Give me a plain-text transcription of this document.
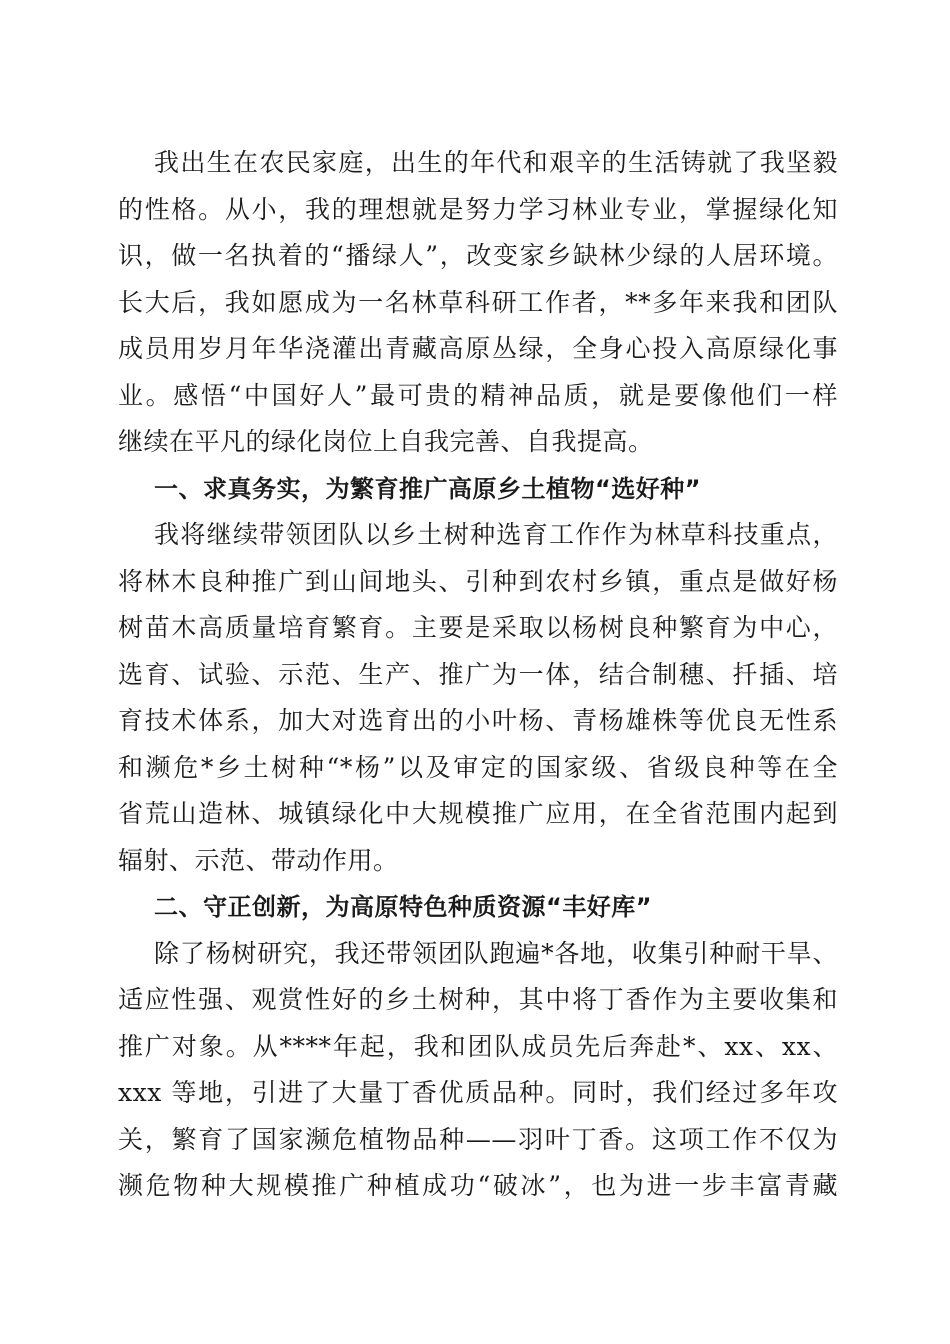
我出生在农民家庭，出生的年代和艰辛的生活铸就了我坚毅
的性格。从小，我的理想就是努力学习林业专业，掌握绿化知
识，做一名执着的“播绿人”，改变家乡缺林少绿的人居环境。
长大后，我如愿成为一名林草科研工作者，**多年来我和团队
成员用岁月年华浇灌出青藏高原丛绿，全身心投入高原绿化事
业。感悟“中国好人”最可贵的精神品质，就是要像他们一样
继续在平凡的绿化岗位上自我完善、自我提高。
一、求真务实，为繁育推广高原乡土植物“选好种”
我将继续带领团队以乡土树种选育工作作为林草科技重点，
将林木良种推广到山间地头、引种到农村乡镇，重点是做好杨
树苗木高质量培育繁育。主要是采取以杨树良种繁育为中心，
选育、试验、示范、生产、推广为一体，结合制穗、扦插、培
育技术体系，加大对选育出的小叶杨、青杨雄株等优良无性系
和濒危*乡土树种“*杨”以及审定的国家级、省级良种等在全
省荒山造林、城镇绿化中大规模推广应用，在全省范围内起到
辐射、示范、带动作用。
二、守正创新，为高原特色种质资源“丰好库”
除了杨树研究，我还带领团队跑遍*各地，收集引种耐干旱、
适应性强、观赏性好的乡土树种，其中将丁香作为主要收集和
推广对象。从****年起，我和团队成员先后奔赴*、xx、xx、
xxx 等地，引进了大量丁香优质品种。同时，我们经过多年攻
关，繁育了国家濒危植物品种——羽叶丁香。这项工作不仅为
濒危物种大规模推广种植成功“破冰”，也为进一步丰富青藏
